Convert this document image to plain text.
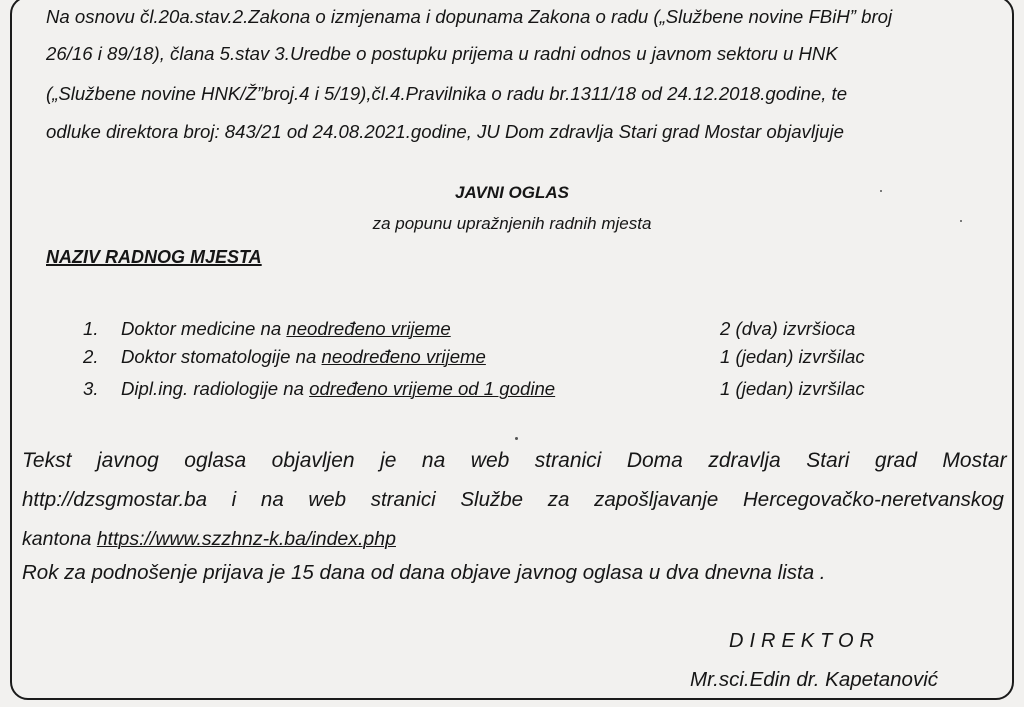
Na osnovu čl.20a.stav.2.Zakona o izmjenama i dopunama Zakona o radu („Službene novine FBiH” broj
26/16 i 89/18), člana 5.stav 3.Uredbe o postupku prijema u radni odnos u javnom sektoru u HNK
(„Službene novine HNK/Ž”broj.4 i 5/19),čl.4.Pravilnika o radu br.1311/18 od 24.12.2018.godine, te
odluke direktora broj: 843/21 od 24.08.2021.godine, JU Dom zdravlja Stari grad Mostar objavljuje
JAVNI OGLAS
za popunu upražnjenih radnih mjesta
NAZIV RADNOG MJESTA
1. Doktor medicine na neodređeno vrijeme	2 (dva) izvršioca
2. Doktor stomatologije na neodređeno vrijeme	1 (jedan) izvršilac
3. Dipl.ing. radiologije na određeno vrijeme od 1 godine	1 (jedan) izvršilac
Tekst javnog oglasa objavljen je na web stranici Doma zdravlja Stari grad Mostar
http://dzsgmostar.ba i na web stranici Službe za zapošljavanje Hercegovačko-neretvanskog
kantona https://www.szzhnz-k.ba/index.php
Rok za podnošenje prijava je 15 dana od dana objave javnog oglasa u dva dnevna lista .
DIREKTOR
Mr.sci.Edin dr. Kapetanović
